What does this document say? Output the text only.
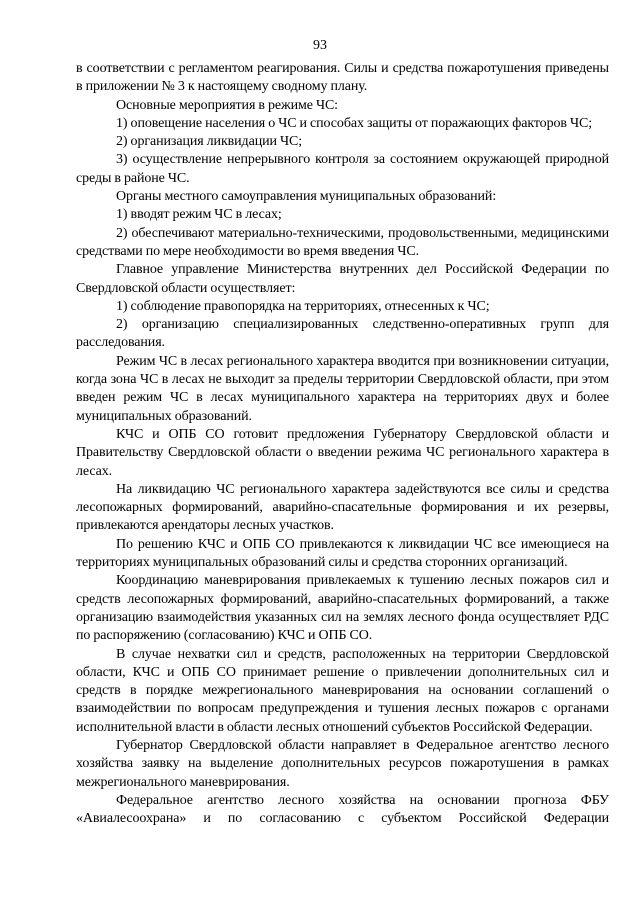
93

в соответствии с регламентом реагирования. Силы и средства пожаротушения приведены в приложении № 3 к настоящему сводному плану.

Основные мероприятия в режиме ЧС:

1) оповещение населения о ЧС и способах защиты от поражающих факторов ЧС;

2) организация ликвидации ЧС;

3) осуществление непрерывного контроля за состоянием окружающей природной среды в районе ЧС.

Органы местного самоуправления муниципальных образований:

1) вводят режим ЧС в лесах;

2) обеспечивают материально-техническими, продовольственными, медицинскими средствами по мере необходимости во время введения ЧС.

Главное управление Министерства внутренних дел Российской Федерации по Свердловской области осуществляет:

1) соблюдение правопорядка на территориях, отнесенных к ЧС;

2) организацию специализированных следственно-оперативных групп для расследования.

Режим ЧС в лесах регионального характера вводится при возникновении ситуации, когда зона ЧС в лесах не выходит за пределы территории Свердловской области, при этом введен режим ЧС в лесах муниципального характера на территориях двух и более муниципальных образований.

КЧС и ОПБ СО готовит предложения Губернатору Свердловской области и Правительству Свердловской области о введении режима ЧС регионального характера в лесах.

На ликвидацию ЧС регионального характера задействуются все силы и средства лесопожарных формирований, аварийно-спасательные формирования и их резервы, привлекаются арендаторы лесных участков.

По решению КЧС и ОПБ СО привлекаются к ликвидации ЧС все имеющиеся на территориях муниципальных образований силы и средства сторонних организаций.

Координацию маневрирования привлекаемых к тушению лесных пожаров сил и средств лесопожарных формирований, аварийно-спасательных формирований, а также организацию взаимодействия указанных сил на землях лесного фонда осуществляет РДС по распоряжению (согласованию) КЧС и ОПБ СО.

В случае нехватки сил и средств, расположенных на территории Свердловской области, КЧС и ОПБ СО принимает решение о привлечении дополнительных сил и средств в порядке межрегионального маневрирования на основании соглашений о взаимодействии по вопросам предупреждения и тушения лесных пожаров с органами исполнительной власти в области лесных отношений субъектов Российской Федерации.

Губернатор Свердловской области направляет в Федеральное агентство лесного хозяйства заявку на выделение дополнительных ресурсов пожаротушения в рамках межрегионального маневрирования.

Федеральное агентство лесного хозяйства на основании прогноза ФБУ «Авиалесоохрана» и по согласованию с субъектом Российской Федерации
